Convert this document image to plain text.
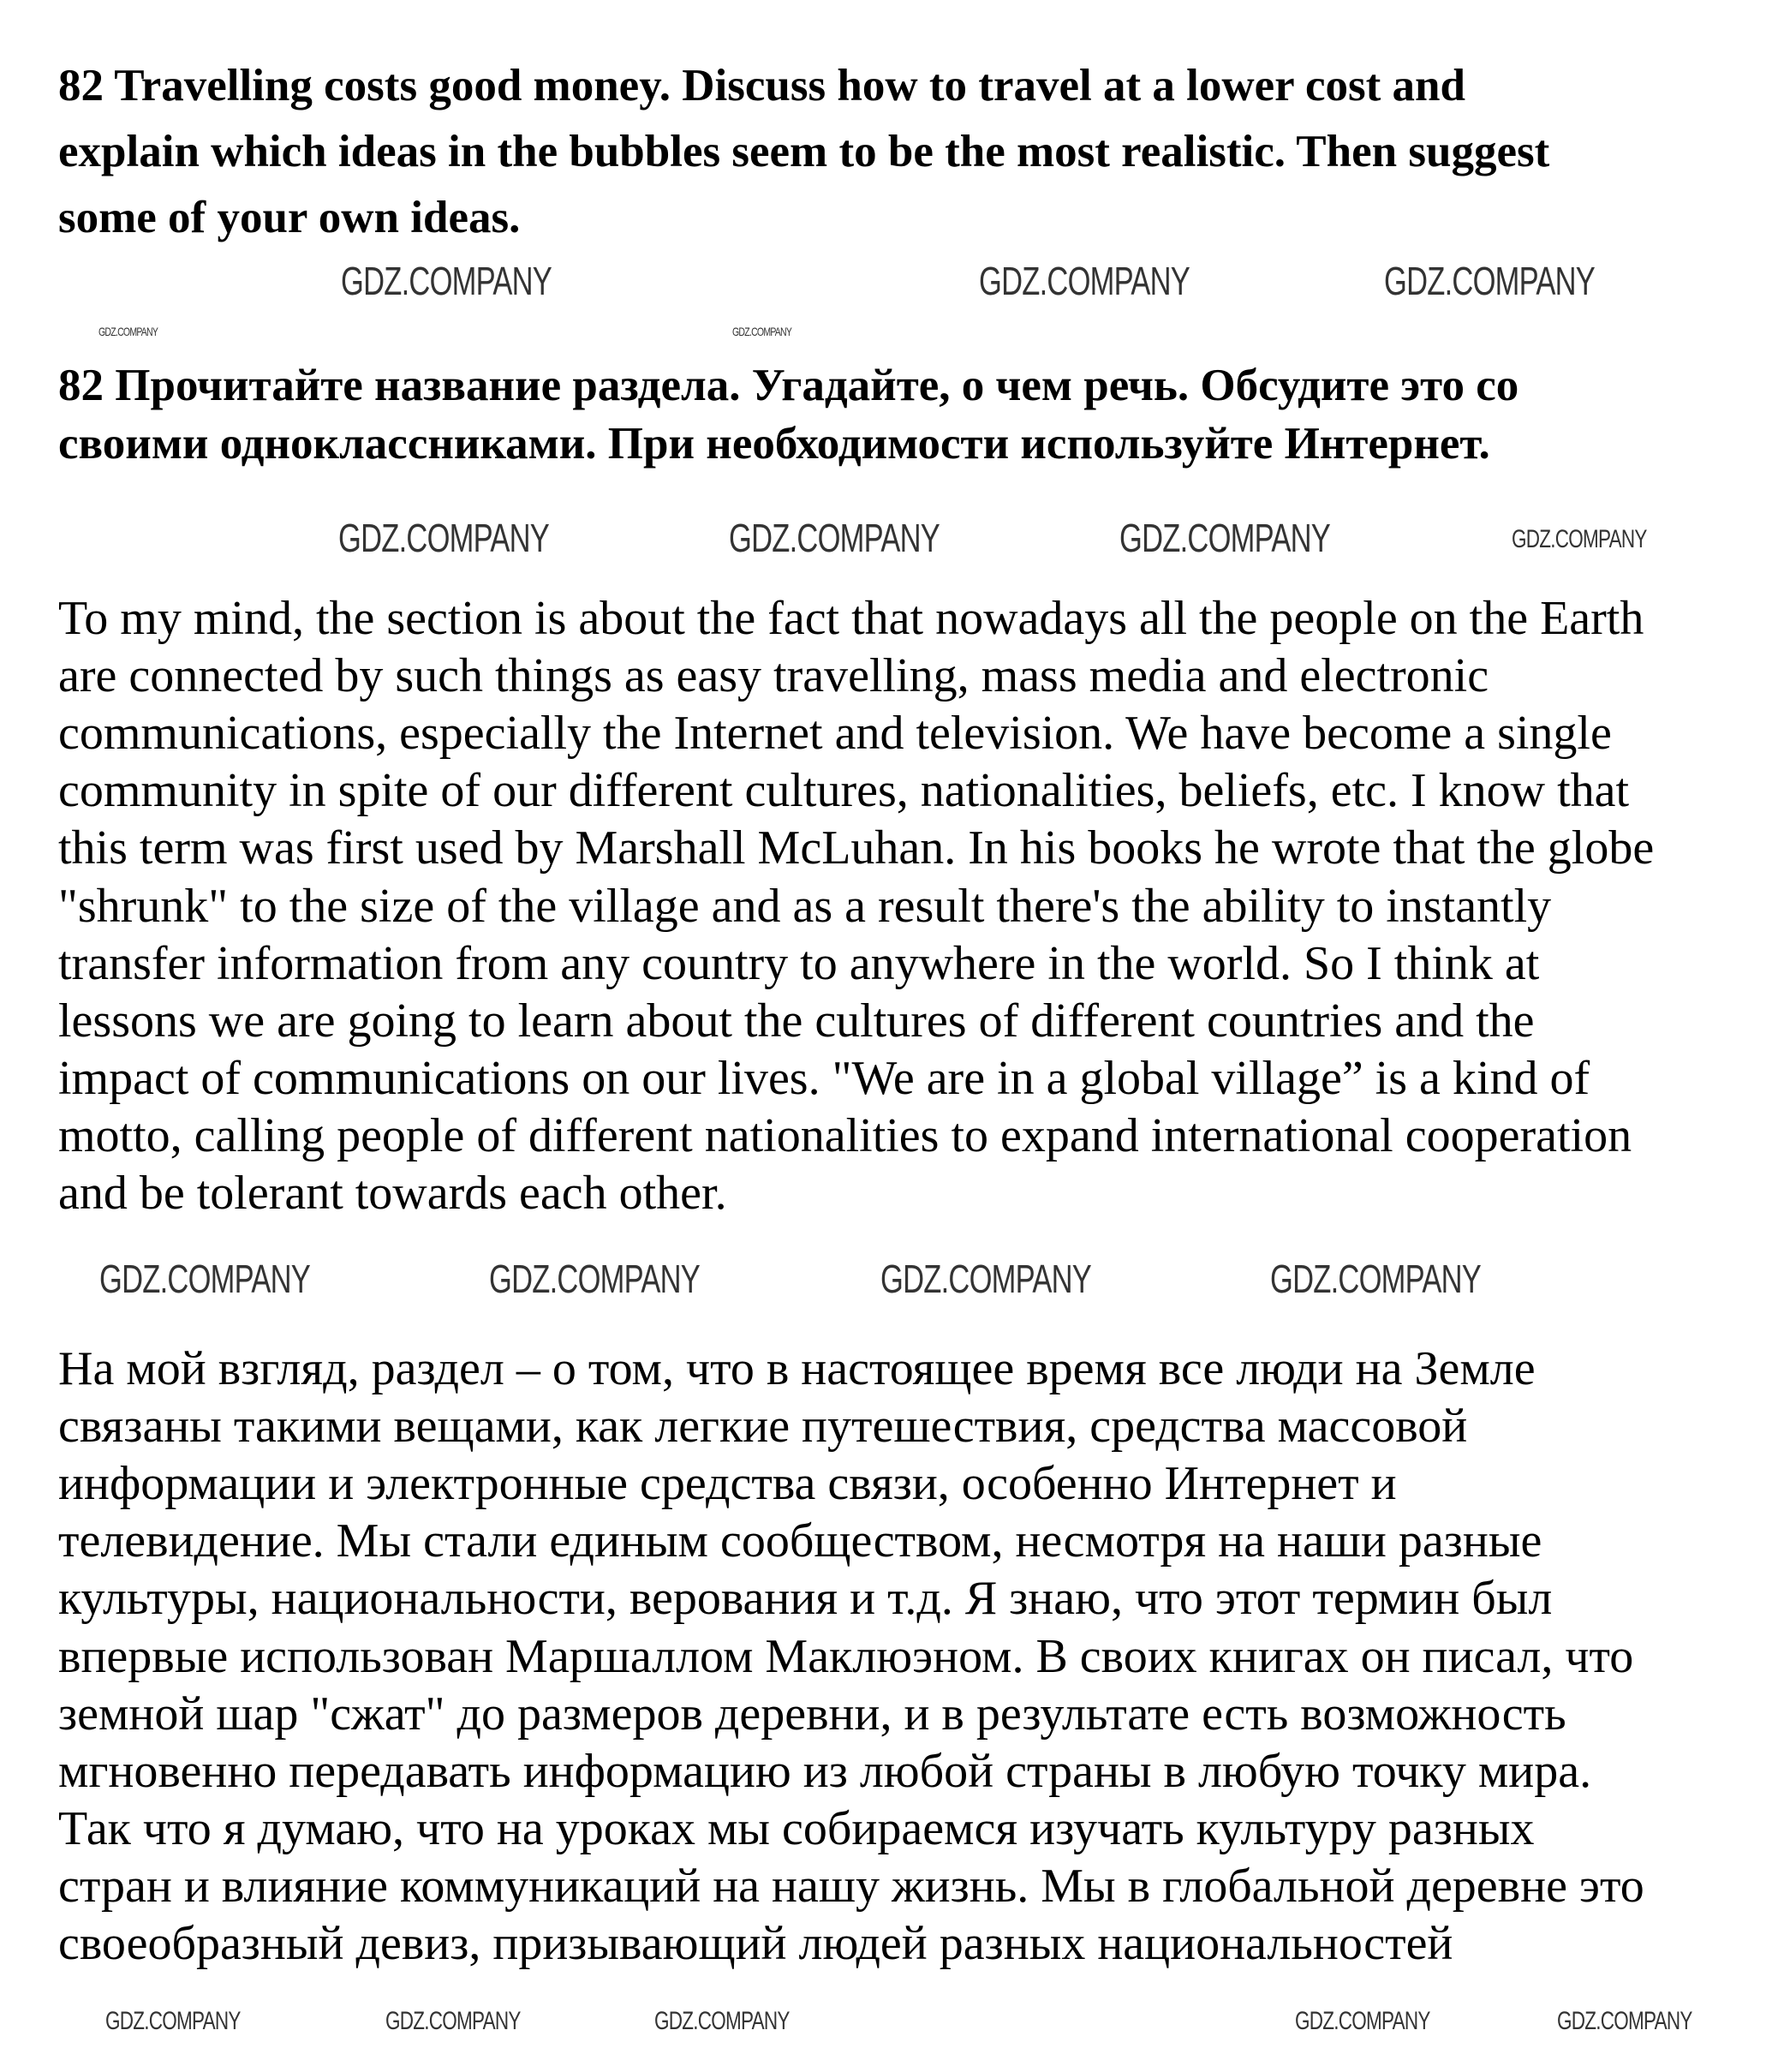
82 Travelling costs good money. Discuss how to travel at a lower cost and
explain which ideas in the bubbles seem to be the most realistic. Then suggest
some of your own ideas.
82 Прочитайте название раздела. Угадайте, о чем речь. Обсудите это со
своими одноклассниками. При необходимости используйте Интернет.
To my mind, the section is about the fact that nowadays all the people on the Earth
are connected by such things as easy travelling, mass media and electronic
communications, especially the Internet and television. We have become a single
community in spite of our different cultures, nationalities, beliefs, etc. I know that
this term was first used by Marshall McLuhan. In his books he wrote that the globe
"shrunk" to the size of the village and as a result there's the ability to instantly
transfer information from any country to anywhere in the world. So I think at
lessons we are going to learn about the cultures of different countries and the
impact of communications on our lives. "We are in a global village” is a kind of
motto, calling people of different nationalities to expand international cooperation
and be tolerant towards each other.
На мой взгляд, раздел – о том, что в настоящее время все люди на Земле
связаны такими вещами, как легкие путешествия, средства массовой
информации и электронные средства связи, особенно Интернет и
телевидение. Мы стали единым сообществом, несмотря на наши разные
культуры, национальности, верования и т.д. Я знаю, что этот термин был
впервые использован Маршаллом Маклюэном. В своих книгах он писал, что
земной шар "сжат" до размеров деревни, и в результате есть возможность
мгновенно передавать информацию из любой страны в любую точку мира.
Так что я думаю, что на уроках мы собираемся изучать культуру разных
стран и влияние коммуникаций на нашу жизнь. Мы в глобальной деревне это
своеобразный девиз, призывающий людей разных национальностей
GDZ.COMPANY	GDZ.COMPANY	GDZ.COMPANY
GDZ.COMPANY	GDZ.COMPANY
GDZ.COMPANY	GDZ.COMPANY	GDZ.COMPANY	GDZ.COMPANY
GDZ.COMPANY	GDZ.COMPANY	GDZ.COMPANY	GDZ.COMPANY
GDZ.COMPANY	GDZ.COMPANY	GDZ.COMPANY	GDZ.COMPANY	GDZ.COMPANY
